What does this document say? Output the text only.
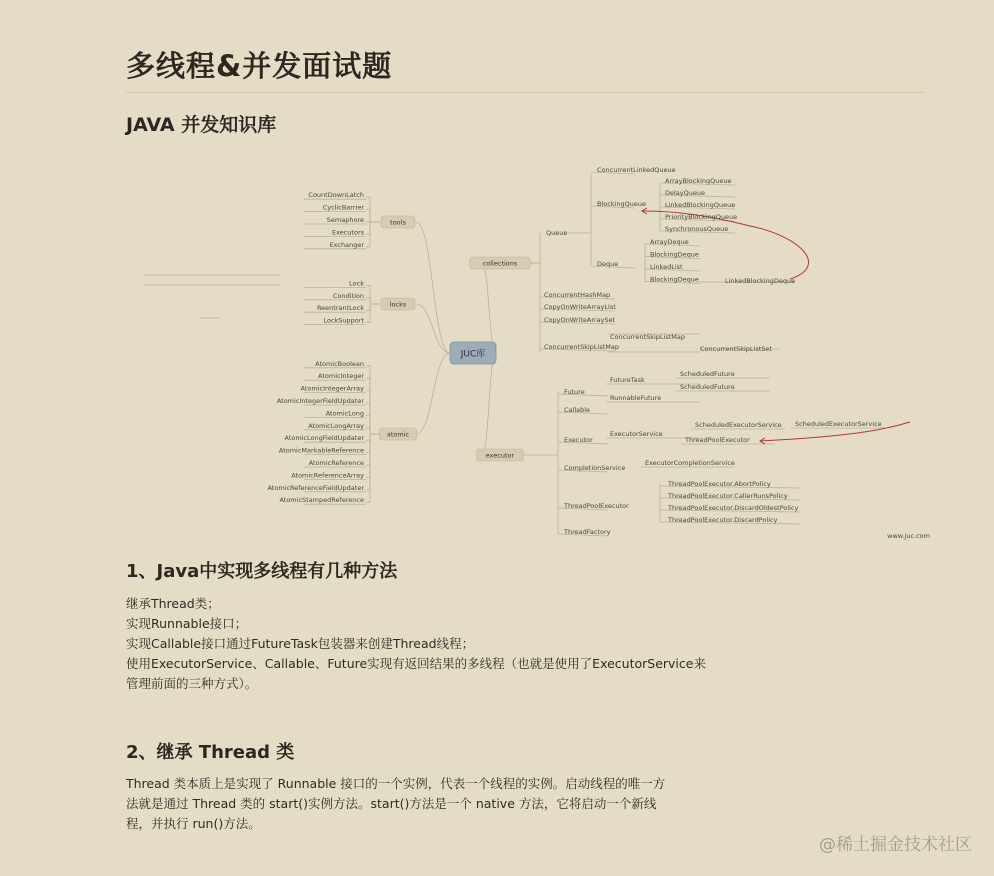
多线程&并发面试题
JAVA 并发知识库
JUC库
tools
CountDownLatch
CyclicBarrier
Semaphore
Executors
Exchanger
locks
Lock
Condition
ReentrantLock
LockSupport
atomic
AtomicBoolean
AtomicInteger
AtomicIntegerArray
AtomicIntegerFieldUpdater
AtomicLong
AtomicLongArray
AtomicLongFieldUpdater
AtomicMarkableReference
AtomicReference
AtomicReferenceArray
AtomicReferenceFieldUpdater
AtomicStampedReference
collections
executor
Queue
ConcurrentHashMap
CopyOnWriteArrayList
CopyOnWriteArraySet
ConcurrentSkipListMap
ConcurrentSkipListMap
ConcurrentSkipListSet
ConcurrentLinkedQueue
BlockingQueue
Deque
ArrayBlockingQueue
DelayQueue
LinkedBlockingQueue
PriorityBlockingQueue
SynchronousQueue
ArrayDeque
BlockingDeque
LinkedList
BlockingDeque	LinkedBlockingDeque
Future
Callable
Executor
CompletionService
ThreadPoolExecutor
ThreadFactory
FutureTask
RunnableFuture
ScheduledFuture
ScheduledFuture
ExecutorService
ThreadPoolExecutor
ScheduledExecutorService ScheduledExecutorService
ExecutorCompletionService
ThreadPoolExecutor.AbortPolicy
ThreadPoolExecutor.CallerRunsPolicy
ThreadPoolExecutor.DiscardOldestPolicy
ThreadPoolExecutor.DiscardPolicy
www.juc.com
1、Java中实现多线程有几种方法
继承Thread类；
实现Runnable接口；
实现Callable接口通过FutureTask包装器来创建Thread线程；
使用ExecutorService、Callable、Future实现有返回结果的多线程（也就是使用了ExecutorService来
管理前面的三种方式）。
2、继承 Thread 类
Thread 类本质上是实现了 Runnable 接口的一个实例，代表一个线程的实例。启动线程的唯一方
法就是通过 Thread 类的 start()实例方法。start()方法是一个 native 方法，它将启动一个新线
程，并执行 run()方法。
@稀土掘金技术社区
